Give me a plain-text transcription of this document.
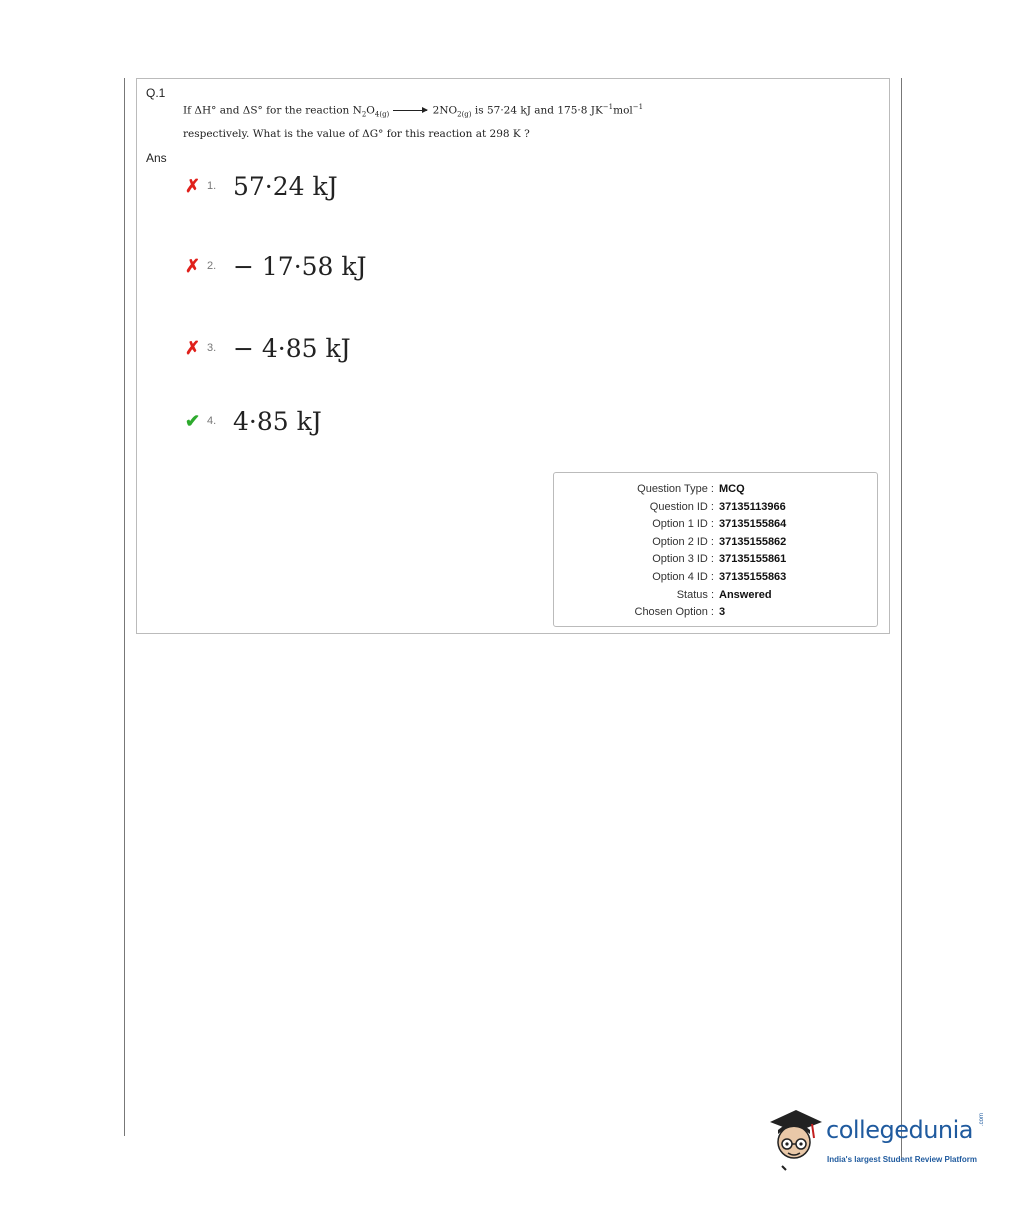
Q.1
If ΔH° and ΔS° for the reaction $N_2O_{4(g)} \to 2NO_{2(g)}$ is 57·24 kJ and 175·8 $JK^{-1}mol^{-1}$
respectively. What is the value of ΔG° for this reaction at 298 K ?
Ans
✗ 1. 57·24 kJ
✗ 2. − 17·58 kJ
✗ 3. − 4·85 kJ
✔ 4. 4·85 kJ
Question Type : MCQ
Question ID : 37135113966
Option 1 ID : 37135155864
Option 2 ID : 37135155862
Option 3 ID : 37135155861
Option 4 ID : 37135155863
Status : Answered
Chosen Option : 3
collegedunia .com
India's largest Student Review Platform
